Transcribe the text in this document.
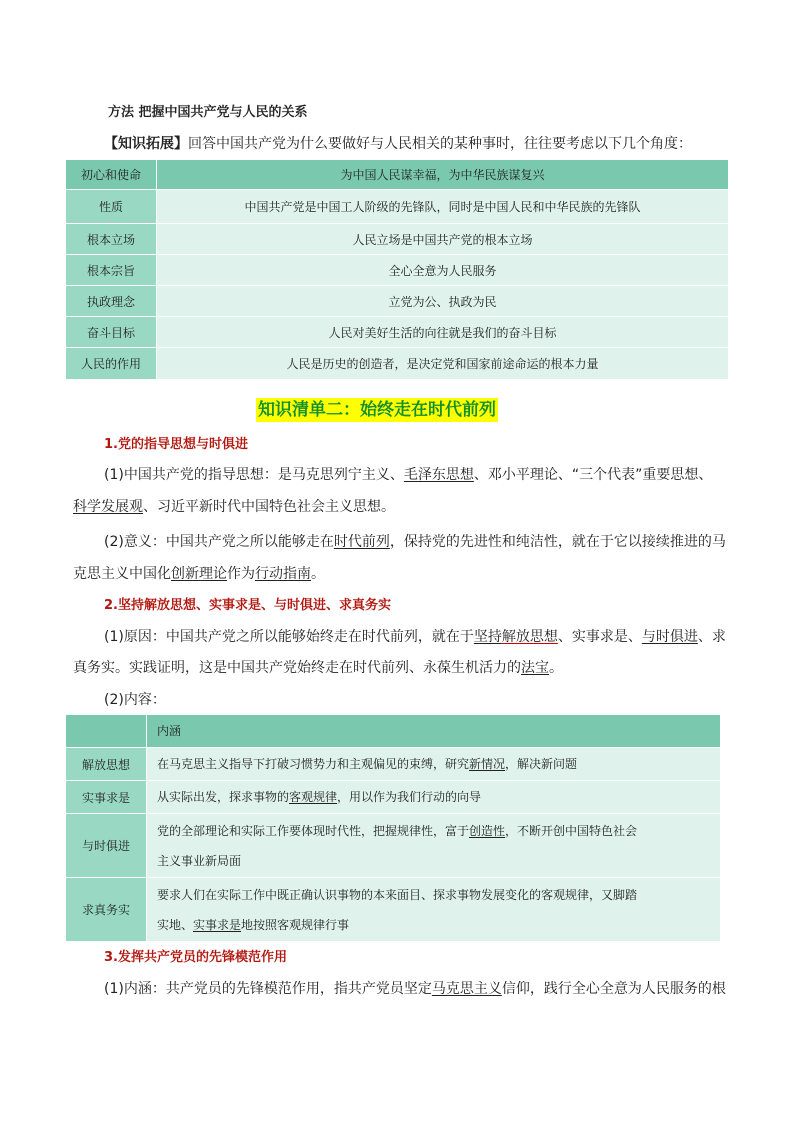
方法 把握中国共产党与人民的关系
【知识拓展】回答中国共产党为什么要做好与人民相关的某种事时，往往要考虑以下几个角度：
初心和使命	为中国人民谋幸福，为中华民族谋复兴
性质	中国共产党是中国工人阶级的先锋队，同时是中国人民和中华民族的先锋队
根本立场	人民立场是中国共产党的根本立场
根本宗旨	全心全意为人民服务
执政理念	立党为公、执政为民
奋斗目标	人民对美好生活的向往就是我们的奋斗目标
人民的作用	人民是历史的创造者，是决定党和国家前途命运的根本力量
知识清单二：始终走在时代前列
1.党的指导思想与时俱进
(1)中国共产党的指导思想：是马克思列宁主义、毛泽东思想、邓小平理论、“三个代表”重要思想、
科学发展观、习近平新时代中国特色社会主义思想。
(2)意义：中国共产党之所以能够走在时代前列，保持党的先进性和纯洁性，就在于它以接续推进的马
克思主义中国化创新理论作为行动指南。
2.坚持解放思想、实事求是、与时俱进、求真务实
(1)原因：中国共产党之所以能够始终走在时代前列，就在于坚持解放思想、实事求是、与时俱进、求
真务实。实践证明，这是中国共产党始终走在时代前列、永葆生机活力的法宝。
(2)内容：
	内涵
解放思想	在马克思主义指导下打破习惯势力和主观偏见的束缚，研究新情况，解决新问题
实事求是	从实际出发，探求事物的客观规律，用以作为我们行动的向导
与时俱进	党的全部理论和实际工作要体现时代性，把握规律性，富于创造性，不断开创中国特色社会
主义事业新局面
求真务实	要求人们在实际工作中既正确认识事物的本来面目、探求事物发展变化的客观规律，又脚踏
实地、实事求是地按照客观规律行事
3.发挥共产党员的先锋模范作用
(1)内涵：共产党员的先锋模范作用，指共产党员坚定马克思主义信仰，践行全心全意为人民服务的根
